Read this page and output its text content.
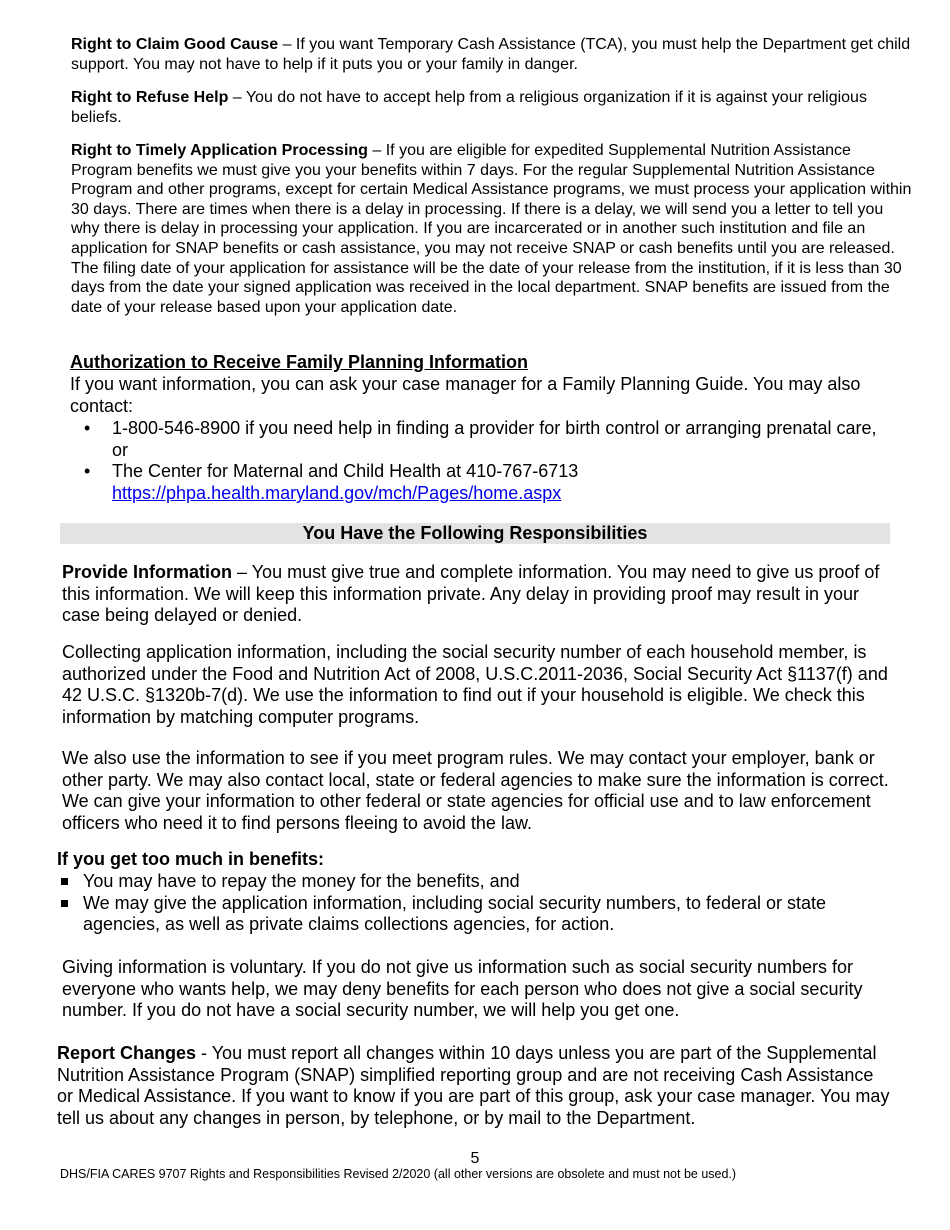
Right to Claim Good Cause – If you want Temporary Cash Assistance (TCA), you must help the Department get child support. You may not have to help if it puts you or your family in danger.

Right to Refuse Help – You do not have to accept help from a religious organization if it is against your religious beliefs.

Right to Timely Application Processing – If you are eligible for expedited Supplemental Nutrition Assistance Program benefits we must give you your benefits within 7 days. For the regular Supplemental Nutrition Assistance Program and other programs, except for certain Medical Assistance programs, we must process your application within 30 days. There are times when there is a delay in processing. If there is a delay, we will send you a letter to tell you why there is delay in processing your application. If you are incarcerated or in another such institution and file an application for SNAP benefits or cash assistance, you may not receive SNAP or cash benefits until you are released. The filing date of your application for assistance will be the date of your release from the institution, if it is less than 30 days from the date your signed application was received in the local department. SNAP benefits are issued from the date of your release based upon your application date.

Authorization to Receive Family Planning Information

If you want information, you can ask your case manager for a Family Planning Guide. You may also contact:

• 1-800-546-8900 if you need help in finding a provider for birth control or arranging prenatal care, or
• The Center for Maternal and Child Health at 410-767-6713
https://phpa.health.maryland.gov/mch/Pages/home.aspx
You Have the Following Responsibilities

Provide Information – You must give true and complete information. You may need to give us proof of this information. We will keep this information private. Any delay in providing proof may result in your case being delayed or denied.

Collecting application information, including the social security number of each household member, is authorized under the Food and Nutrition Act of 2008, U.S.C.2011-2036, Social Security Act §1137(f) and 42 U.S.C. §1320b-7(d). We use the information to find out if your household is eligible. We check this information by matching computer programs.

We also use the information to see if you meet program rules. We may contact your employer, bank or other party. We may also contact local, state or federal agencies to make sure the information is correct. We can give your information to other federal or state agencies for official use and to law enforcement officers who need it to find persons fleeing to avoid the law.

If you get too much in benefits:

You may have to repay the money for the benefits, and
We may give the application information, including social security numbers, to federal or state agencies, as well as private claims collections agencies, for action.

Giving information is voluntary. If you do not give us information such as social security numbers for everyone who wants help, we may deny benefits for each person who does not give a social security number. If you do not have a social security number, we will help you get one.

Report Changes - You must report all changes within 10 days unless you are part of the Supplemental Nutrition Assistance Program (SNAP) simplified reporting group and are not receiving Cash Assistance or Medical Assistance. If you want to know if you are part of this group, ask your case manager. You may tell us about any changes in person, by telephone, or by mail to the Department.

5
DHS/FIA CARES 9707 Rights and Responsibilities Revised 2/2020 (all other versions are obsolete and must not be used.)
